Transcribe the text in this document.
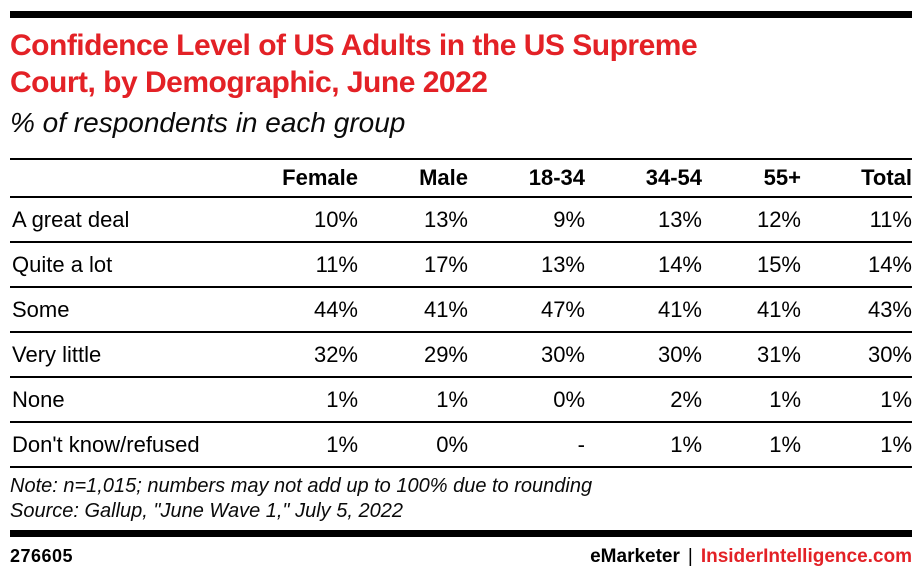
Confidence Level of US Adults in the US Supreme
Court, by Demographic, June 2022
% of respondents in each group
	Female	Male	18-34	34-54	55+	Total
A great deal	10%	13%	9%	13%	12%	11%
Quite a lot	11%	17%	13%	14%	15%	14%
Some	44%	41%	47%	41%	41%	43%
Very little	32%	29%	30%	30%	31%	30%
None	1%	1%	0%	2%	1%	1%
Don't know/refused	1%	0%	-	1%	1%	1%
Note: n=1,015; numbers may not add up to 100% due to rounding
Source: Gallup, "June Wave 1," July 5, 2022
276605	eMarketer | InsiderIntelligence.com
